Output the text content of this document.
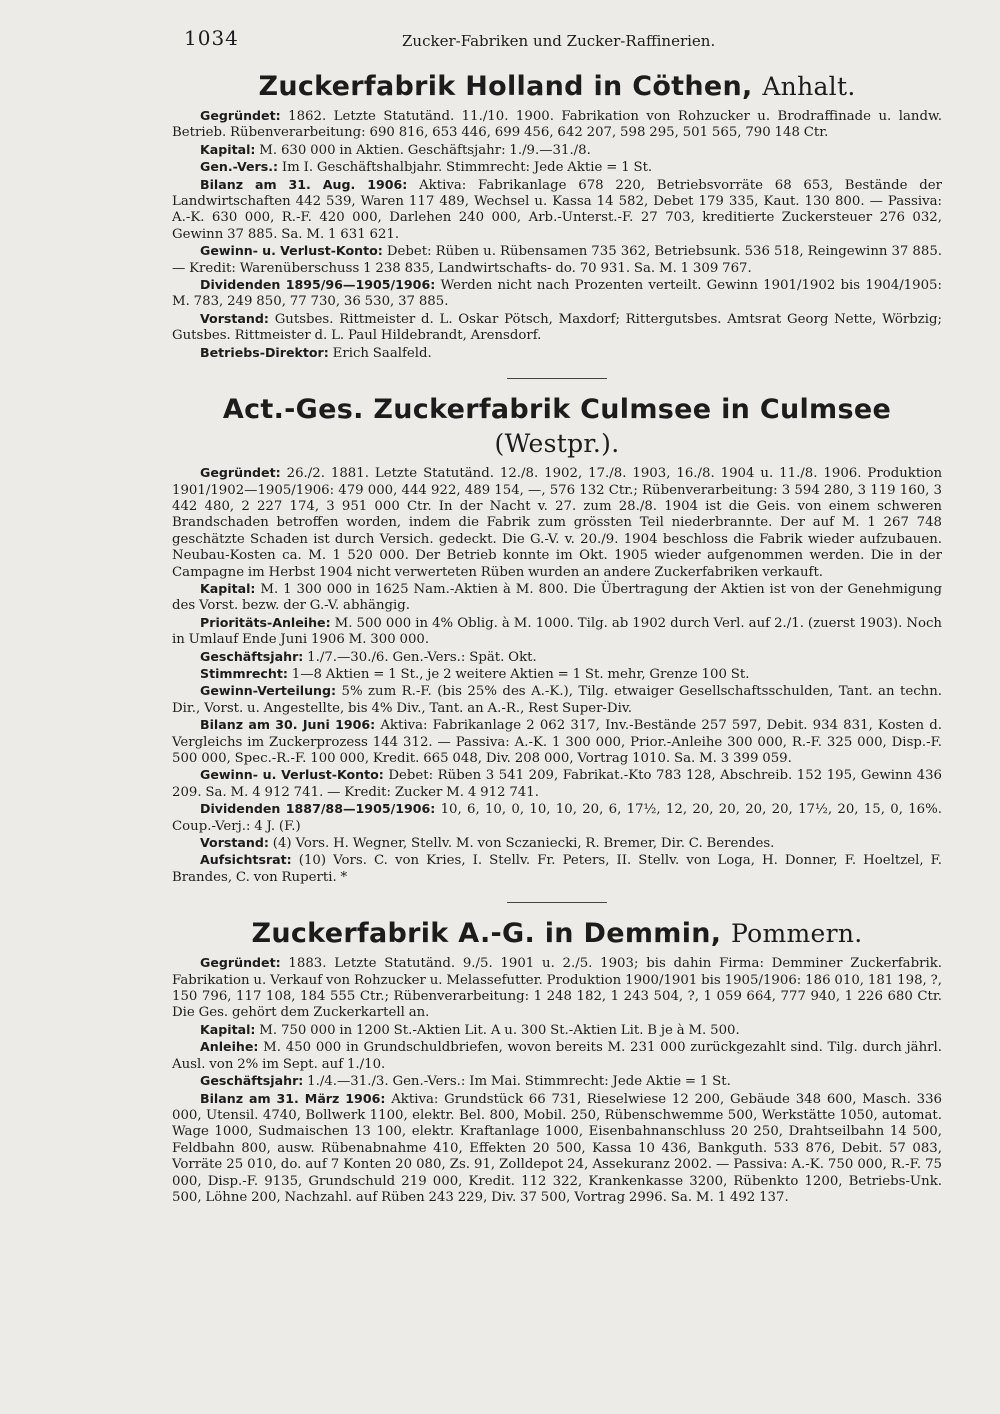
1034	Zucker-Fabriken und Zucker-Raffinerien.
Zuckerfabrik Holland in Cöthen, Anhalt.

Gegründet: 1862. Letzte Statutänd. 11./10. 1900. Fabrikation von Rohzucker u. Brodraffinade u. landw. Betrieb. Rübenverarbeitung: 690 816, 653 446, 699 456, 642 207, 598 295, 501 565, 790 148 Ctr.

Kapital: M. 630 000 in Aktien. Geschäftsjahr: 1./9.—31./8.

Gen.-Vers.: Im I. Geschäftshalbjahr. Stimmrecht: Jede Aktie = 1 St.

Bilanz am 31. Aug. 1906: Aktiva: Fabrikanlage 678 220, Betriebsvorräte 68 653, Bestände der Landwirtschaften 442 539, Waren 117 489, Wechsel u. Kassa 14 582, Debet 179 335, Kaut. 130 800. — Passiva: A.-K. 630 000, R.-F. 420 000, Darlehen 240 000, Arb.-Unterst.-F. 27 703, kreditierte Zuckersteuer 276 032, Gewinn 37 885. Sa. M. 1 631 621.

Gewinn- u. Verlust-Konto: Debet: Rüben u. Rübensamen 735 362, Betriebsunk. 536 518, Reingewinn 37 885. — Kredit: Warenüberschuss 1 238 835, Landwirtschafts- do. 70 931. Sa. M. 1 309 767.

Dividenden 1895/96—1905/1906: Werden nicht nach Prozenten verteilt. Gewinn 1901/1902 bis 1904/1905: M. 783, 249 850, 77 730, 36 530, 37 885.

Vorstand: Gutsbes. Rittmeister d. L. Oskar Pötsch, Maxdorf; Rittergutsbes. Amtsrat Georg Nette, Wörbzig; Gutsbes. Rittmeister d. L. Paul Hildebrandt, Arensdorf.

Betriebs-Direktor: Erich Saalfeld.

Act.-Ges. Zuckerfabrik Culmsee in Culmsee (Westpr.).

Gegründet: 26./2. 1881. Letzte Statutänd. 12./8. 1902, 17./8. 1903, 16./8. 1904 u. 11./8. 1906. Produktion 1901/1902—1905/1906: 479 000, 444 922, 489 154, —, 576 132 Ctr.; Rübenverarbeitung: 3 594 280, 3 119 160, 3 442 480, 2 227 174, 3 951 000 Ctr. In der Nacht v. 27. zum 28./8. 1904 ist die Geis. von einem schweren Brandschaden betroffen worden, indem die Fabrik zum grössten Teil niederbrannte. Der auf M. 1 267 748 geschätzte Schaden ist durch Versich. gedeckt. Die G.-V. v. 20./9. 1904 beschloss die Fabrik wieder aufzubauen. Neubau-Kosten ca. M. 1 520 000. Der Betrieb konnte im Okt. 1905 wieder aufgenommen werden. Die in der Campagne im Herbst 1904 nicht verwerteten Rüben wurden an andere Zuckerfabriken verkauft.

Kapital: M. 1 300 000 in 1625 Nam.-Aktien à M. 800. Die Übertragung der Aktien ist von der Genehmigung des Vorst. bezw. der G.-V. abhängig.

Prioritäts-Anleihe: M. 500 000 in 4% Oblig. à M. 1000. Tilg. ab 1902 durch Verl. auf 2./1. (zuerst 1903). Noch in Umlauf Ende Juni 1906 M. 300 000.

Geschäftsjahr: 1./7.—30./6. Gen.-Vers.: Spät. Okt.

Stimmrecht: 1—8 Aktien = 1 St., je 2 weitere Aktien = 1 St. mehr, Grenze 100 St.

Gewinn-Verteilung: 5% zum R.-F. (bis 25% des A.-K.), Tilg. etwaiger Gesellschaftsschulden, Tant. an techn. Dir., Vorst. u. Angestellte, bis 4% Div., Tant. an A.-R., Rest Super-Div.

Bilanz am 30. Juni 1906: Aktiva: Fabrikanlage 2 062 317, Inv.-Bestände 257 597, Debit. 934 831, Kosten d. Vergleichs im Zuckerprozess 144 312. — Passiva: A.-K. 1 300 000, Prior.-Anleihe 300 000, R.-F. 325 000, Disp.-F. 500 000, Spec.-R.-F. 100 000, Kredit. 665 048, Div. 208 000, Vortrag 1010. Sa. M. 3 399 059.

Gewinn- u. Verlust-Konto: Debet: Rüben 3 541 209, Fabrikat.-Kto 783 128, Abschreib. 152 195, Gewinn 436 209. Sa. M. 4 912 741. — Kredit: Zucker M. 4 912 741.

Dividenden 1887/88—1905/1906: 10, 6, 10, 0, 10, 10, 20, 6, 17½, 12, 20, 20, 20, 20, 17½, 20, 15, 0, 16%. Coup.-Verj.: 4 J. (F.)

Vorstand: (4) Vors. H. Wegner, Stellv. M. von Sczaniecki, R. Bremer, Dir. C. Berendes.

Aufsichtsrat: (10) Vors. C. von Kries, I. Stellv. Fr. Peters, II. Stellv. von Loga, H. Donner, F. Hoeltzel, F. Brandes, C. von Ruperti. *

Zuckerfabrik A.-G. in Demmin, Pommern.

Gegründet: 1883. Letzte Statutänd. 9./5. 1901 u. 2./5. 1903; bis dahin Firma: Demminer Zuckerfabrik. Fabrikation u. Verkauf von Rohzucker u. Melassefutter. Produktion 1900/1901 bis 1905/1906: 186 010, 181 198, ?, 150 796, 117 108, 184 555 Ctr.; Rübenverarbeitung: 1 248 182, 1 243 504, ?, 1 059 664, 777 940, 1 226 680 Ctr. Die Ges. gehört dem Zuckerkartell an.

Kapital: M. 750 000 in 1200 St.-Aktien Lit. A u. 300 St.-Aktien Lit. B je à M. 500.

Anleihe: M. 450 000 in Grundschuldbriefen, wovon bereits M. 231 000 zurückgezahlt sind. Tilg. durch jährl. Ausl. von 2% im Sept. auf 1./10.

Geschäftsjahr: 1./4.—31./3. Gen.-Vers.: Im Mai. Stimmrecht: Jede Aktie = 1 St.

Bilanz am 31. März 1906: Aktiva: Grundstück 66 731, Rieselwiese 12 200, Gebäude 348 600, Masch. 336 000, Utensil. 4740, Bollwerk 1100, elektr. Bel. 800, Mobil. 250, Rübenschwemme 500, Werkstätte 1050, automat. Wage 1000, Sudmaischen 13 100, elektr. Kraftanlage 1000, Eisenbahnanschluss 20 250, Drahtseilbahn 14 500, Feldbahn 800, ausw. Rübenabnahme 410, Effekten 20 500, Kassa 10 436, Bankguth. 533 876, Debit. 57 083, Vorräte 25 010, do. auf 7 Konten 20 080, Zs. 91, Zolldepot 24, Assekuranz 2002. — Passiva: A.-K. 750 000, R.-F. 75 000, Disp.-F. 9135, Grundschuld 219 000, Kredit. 112 322, Krankenkasse 3200, Rübenkto 1200, Betriebs-Unk. 500, Löhne 200, Nachzahl. auf Rüben 243 229, Div. 37 500, Vortrag 2996. Sa. M. 1 492 137.
